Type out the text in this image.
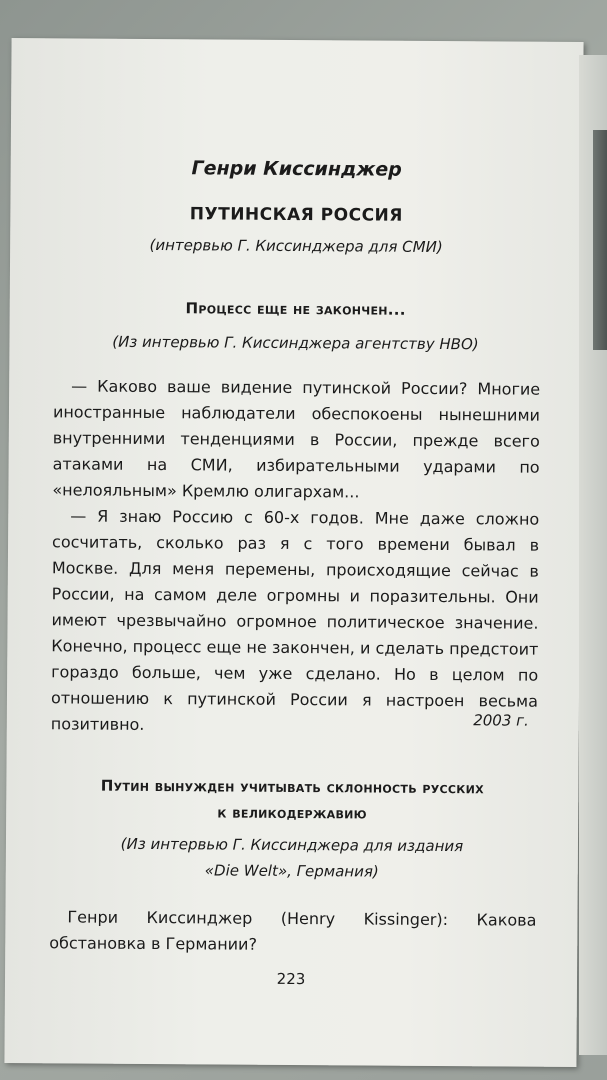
Генри Киссинджер
ПУТИНСКАЯ РОССИЯ
(интервью Г. Киссинджера для СМИ)
Процесс еще не закончен...
(Из интервью Г. Киссинджера агентству НВО)

— Каково ваше видение путинской России? Многие иностранные наблюдатели обеспокоены нынешними внутренними тенденциями в России, прежде всего атаками на СМИ, избирательными ударами по «нелояльным» Кремлю олигархам...

— Я знаю Россию с 60-х годов. Мне даже сложно сосчитать, сколько раз я с того времени бывал в Москве. Для меня перемены, происходящие сейчас в России, на самом деле огромны и поразительны. Они имеют чрезвычайно огромное политическое значение. Конечно, процесс еще не закончен, и сделать предстоит гораздо больше, чем уже сделано. Но в целом по отношению к путинской России я настроен весьма позитивно.	2003 г.
Путин вынужден учитывать склонность русских
к великодержавию
(Из интервью Г. Киссинджера для издания
«Die Welt», Германия)

Генри Киссинджер (Henry Kissinger): Какова обстановка в Германии?

223
